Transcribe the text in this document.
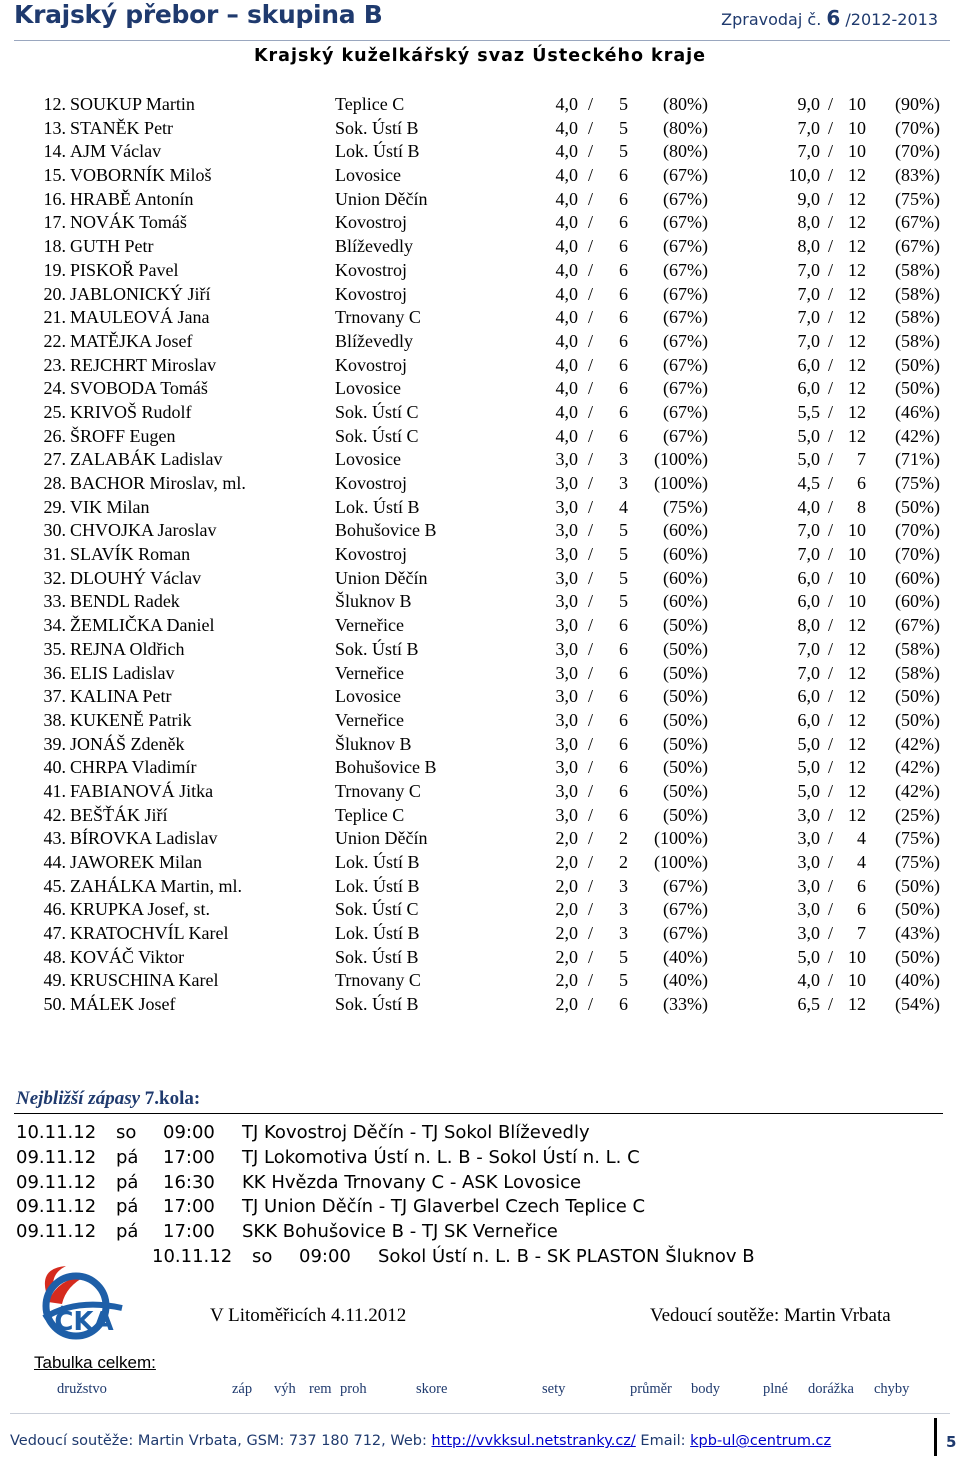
Krajský přebor – skupina B	Zpravodaj č. 6 /2012-2013
Krajský kuželkářský svaz Ústeckého kraje
12. SOUKUP Martin	Teplice C	4,0 /	5	(80%)	9,0 / 10	(90%)
13. STANĚK Petr	Sok. Ústí B	4,0 /	5	(80%)	7,0 / 10	(70%)
14. AJM Václav	Lok. Ústí B	4,0 /	5	(80%)	7,0 / 10	(70%)
15. VOBORNÍK Miloš	Lovosice	4,0 /	6	(67%)	10,0 / 12	(83%)
16. HRABĚ Antonín	Union Děčín	4,0 /	6	(67%)	9,0 / 12	(75%)
17. NOVÁK Tomáš	Kovostroj	4,0 /	6	(67%)	8,0 / 12	(67%)
18. GUTH Petr	Blíževedly	4,0 /	6	(67%)	8,0 / 12	(67%)
19. PISKOŘ Pavel	Kovostroj	4,0 /	6	(67%)	7,0 / 12	(58%)
20. JABLONICKÝ Jiří	Kovostroj	4,0 /	6	(67%)	7,0 / 12	(58%)
21. MAULEOVÁ Jana	Trnovany C	4,0 /	6	(67%)	7,0 / 12	(58%)
22. MATĚJKA Josef	Blíževedly	4,0 /	6	(67%)	7,0 / 12	(58%)
23. REJCHRT Miroslav	Kovostroj	4,0 /	6	(67%)	6,0 / 12	(50%)
24. SVOBODA Tomáš	Lovosice	4,0 /	6	(67%)	6,0 / 12	(50%)
25. KRIVOŠ Rudolf	Sok. Ústí C	4,0 /	6	(67%)	5,5 / 12	(46%)
26. ŠROFF Eugen	Sok. Ústí C	4,0 /	6	(67%)	5,0 / 12	(42%)
27. ZALABÁK Ladislav	Lovosice	3,0 /	3	(100%)	5,0 /	7	(71%)
28. BACHOR Miroslav, ml.	Kovostroj	3,0 /	3	(100%)	4,5 /	6	(75%)
29. VIK Milan	Lok. Ústí B	3,0 /	4	(75%)	4,0 /	8	(50%)
30. CHVOJKA Jaroslav	Bohušovice B	3,0 /	5	(60%)	7,0 / 10	(70%)
31. SLAVÍK Roman	Kovostroj	3,0 /	5	(60%)	7,0 / 10	(70%)
32. DLOUHÝ Václav	Union Děčín	3,0 /	5	(60%)	6,0 / 10	(60%)
33. BENDL Radek	Šluknov B	3,0 /	5	(60%)	6,0 / 10	(60%)
34. ŽEMLIČKA Daniel	Verneřice	3,0 /	6	(50%)	8,0 / 12	(67%)
35. REJNA Oldřich	Sok. Ústí B	3,0 /	6	(50%)	7,0 / 12	(58%)
36. ELIS Ladislav	Verneřice	3,0 /	6	(50%)	7,0 / 12	(58%)
37. KALINA Petr	Lovosice	3,0 /	6	(50%)	6,0 / 12	(50%)
38. KUKENĚ Patrik	Verneřice	3,0 /	6	(50%)	6,0 / 12	(50%)
39. JONÁŠ Zdeněk	Šluknov B	3,0 /	6	(50%)	5,0 / 12	(42%)
40. CHRPA Vladimír	Bohušovice B	3,0 /	6	(50%)	5,0 / 12	(42%)
41. FABIANOVÁ Jitka	Trnovany C	3,0 /	6	(50%)	5,0 / 12	(42%)
42. BEŠŤÁK Jiří	Teplice C	3,0 /	6	(50%)	3,0 / 12	(25%)
43. BÍROVKA Ladislav	Union Děčín	2,0 /	2	(100%)	3,0 /	4	(75%)
44. JAWOREK Milan	Lok. Ústí B	2,0 /	2	(100%)	3,0 /	4	(75%)
45. ZAHÁLKA Martin, ml.	Lok. Ústí B	2,0 /	3	(67%)	3,0 /	6	(50%)
46. KRUPKA Josef, st.	Sok. Ústí C	2,0 /	3	(67%)	3,0 /	6	(50%)
47. KRATOCHVÍL Karel	Lok. Ústí B	2,0 /	3	(67%)	3,0 /	7	(43%)
48. KOVÁČ Viktor	Sok. Ústí B	2,0 /	5	(40%)	5,0 / 10	(50%)
49. KRUSCHINA Karel	Trnovany C	2,0 /	5	(40%)	4,0 / 10	(40%)
50. MÁLEK Josef	Sok. Ústí B	2,0 /	6	(33%)	6,5 / 12	(54%)
Nejbližší zápasy 7.kola:
10.11.12 so 09:00 TJ Kovostroj Děčín - TJ Sokol Blíževedly
09.11.12 pá 17:00 TJ Lokomotiva Ústí n. L. B - Sokol Ústí n. L. C
09.11.12 pá 16:30 KK Hvězda Trnovany C - ASK Lovosice
09.11.12 pá 17:00 TJ Union Děčín - TJ Glaverbel Czech Teplice C
09.11.12 pá 17:00 SKK Bohušovice B - TJ SK Verneřice
10.11.12 so 09:00 Sokol Ústí n. L. B - SK PLASTON Šluknov B
ČKA	V Litoměřicích 4.11.2012	Vedoucí soutěže: Martin Vrbata
Tabulka celkem:
družstvo	záp výh rem proh	skore	sety	průměr body	plné dorážka chyby
Vedoucí soutěže: Martin Vrbata, GSM: 737 180 712, Web: http://vvkksul.netstranky.cz/ Email: kpb-ul@centrum.cz	5
